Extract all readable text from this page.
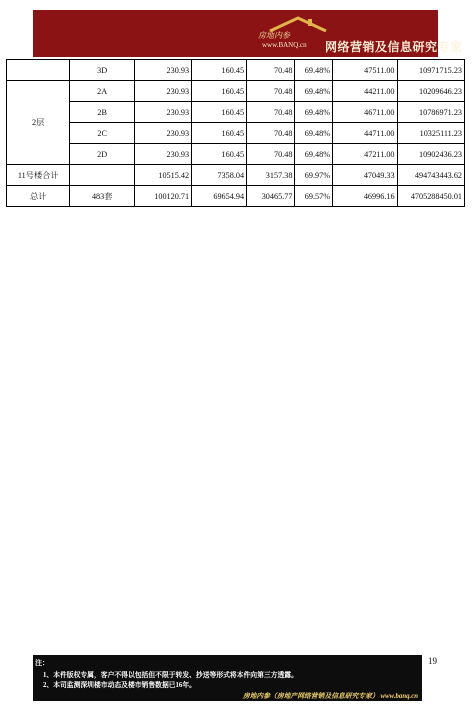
房地内参
www.BANQ.cn 网络营销及信息研究专家
	3D	230.93	160.45	70.48	69.48%	47511.00	10971715.23
2层	2A	230.93	160.45	70.48	69.48%	44211.00	10209646.23
	2B	230.93	160.45	70.48	69.48%	46711.00	10786971.23
	2C	230.93	160.45	70.48	69.48%	44711.00	10325111.23
	2D	230.93	160.45	70.48	69.48%	47211.00	10902436.23
11号楼合计		10515.42	7358.04	3157.38	69.97%	47049.33	494743443.62
总计	483套	100120.71	69654.94	30465.77	69.57%	46996.16	4705288450.01
注：
1、本件版权专属，客户不得以包括但不限于转发、抄送等形式将本件向第三方透露。
2、本司监测深圳楼市动态及楼市销售数据已16年。
房地内参（房地产网络营销及信息研究专家） www.banq.cn
19
